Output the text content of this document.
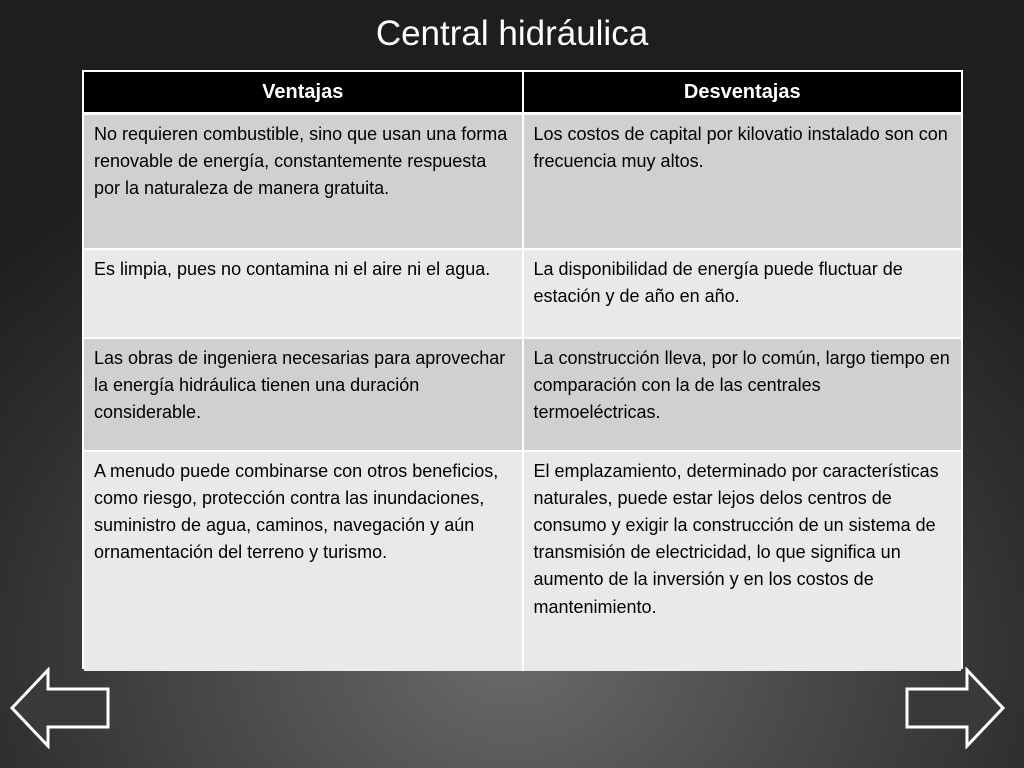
Central hidráulica
Ventajas	Desventajas
No requieren combustible, sino que usan una forma renovable de energía, constantemente respuesta por la naturaleza de manera gratuita.	Los costos de capital por kilovatio instalado son con frecuencia muy altos.
Es limpia, pues no contamina ni el aire ni el agua.	La disponibilidad de energía puede fluctuar de estación y de año en año.
Las obras de ingeniera necesarias para aprovechar la energía hidráulica tienen una duración considerable.	La construcción lleva, por lo común, largo tiempo en comparación con la de las centrales termoeléctricas.
A menudo puede combinarse con otros beneficios, como riesgo, protección contra las inundaciones, suministro de agua, caminos, navegación y aún ornamentación del terreno y turismo.	El emplazamiento, determinado por características naturales, puede estar lejos delos centros de consumo y exigir la construcción de un sistema de transmisión de electricidad, lo que significa un aumento de la inversión y en los costos de mantenimiento.
